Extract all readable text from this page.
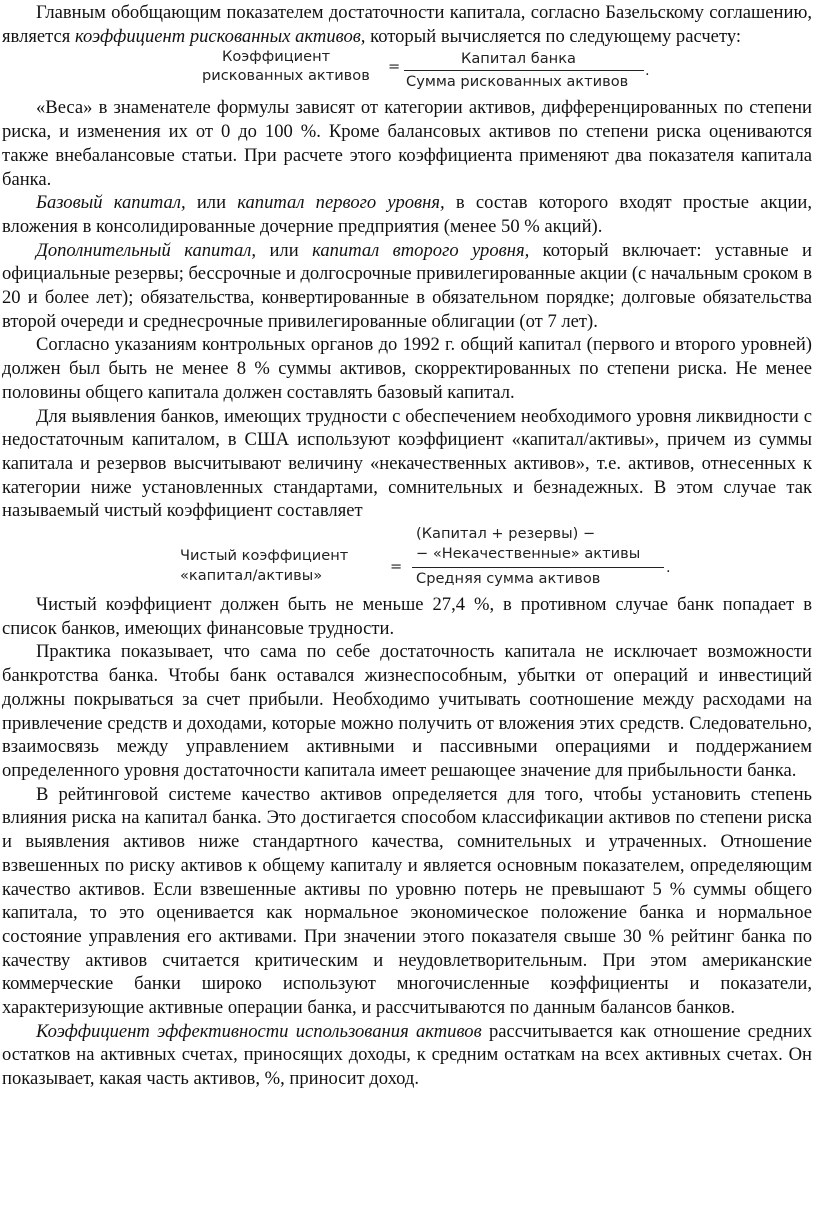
Главным обобщающим показателем достаточности капитала, согласно Базельскому соглашению, является коэффициент рискованных активов, который вычисляется по следующему расчету:

Коэффициент
рискованных активов
=	Капитал банка
Сумма рискованных активов
.

«Веса» в знаменателе формулы зависят от категории активов, дифференцированных по степени риска, и изменения их от 0 до 100 %. Кроме балансовых активов по степени риска оцениваются также внебалансовые статьи. При расчете этого коэффициента применяют два показателя капитала банка.

Базовый капитал, или капитал первого уровня, в состав которого входят простые акции, вложения в консолидированные дочерние предприятия (менее 50 % акций).

Дополнительный капитал, или капитал второго уровня, который включает: уставные и официальные резервы; бессрочные и долгосрочные привилегированные акции (с начальным сроком в 20 и более лет); обязательства, конвертированные в обязательном порядке; долговые обязательства второй очереди и среднесрочные привилегированные облигации (от 7 лет).

Согласно указаниям контрольных органов до 1992 г. общий капитал (первого и второго уровней) должен был быть не менее 8 % суммы активов, скорректированных по степени риска. Не менее половины общего капитала должен составлять базовый капитал.

Для выявления банков, имеющих трудности с обеспечением необходимого уровня ликвидности с недостаточным капиталом, в США используют коэффициент «капитал/активы», причем из суммы капитала и резервов высчитывают величину «некачественных активов», т.е. активов, отнесенных к категории ниже установленных стандартами, сомнительных и безнадежных. В этом случае так называемый чистый коэффициент составляет

(Капитал + резервы) −
Чистый коэффициент	− «Некачественные» активы
«капитал/активы»
=
Средняя сумма активов
.

Чистый коэффициент должен быть не меньше 27,4 %, в противном случае банк попадает в список банков, имеющих финансовые трудности.

Практика показывает, что сама по себе достаточность капитала не исключает возможности банкротства банка. Чтобы банк оставался жизнеспособным, убытки от операций и инвестиций должны покрываться за счет прибыли. Необходимо учитывать соотношение между расходами на привлечение средств и доходами, которые можно получить от вложения этих средств. Следовательно, взаимосвязь между управлением активными и пассивными операциями и поддержанием определенного уровня достаточности капитала имеет решающее значение для прибыльности банка.

В рейтинговой системе качество активов определяется для того, чтобы установить степень влияния риска на капитал банка. Это достигается способом классификации активов по степени риска и выявления активов ниже стандартного качества, сомнительных и утраченных. Отношение взвешенных по риску активов к общему капиталу и является основным показателем, определяющим качество активов. Если взвешенные активы по уровню потерь не превышают 5 % суммы общего капитала, то это оценивается как нормальное экономическое положение банка и нормальное состояние управления его активами. При значении этого показателя свыше 30 % рейтинг банка по качеству активов считается критическим и неудовлетворительным. При этом американские коммерческие банки широко используют многочисленные коэффициенты и показатели, характеризующие активные операции банка, и рассчитываются по данным балансов банков.

Коэффициент эффективности использования активов рассчитывается как отношение средних остатков на активных счетах, приносящих доходы, к средним остаткам на всех активных счетах. Он показывает, какая часть активов, %, приносит доход.
